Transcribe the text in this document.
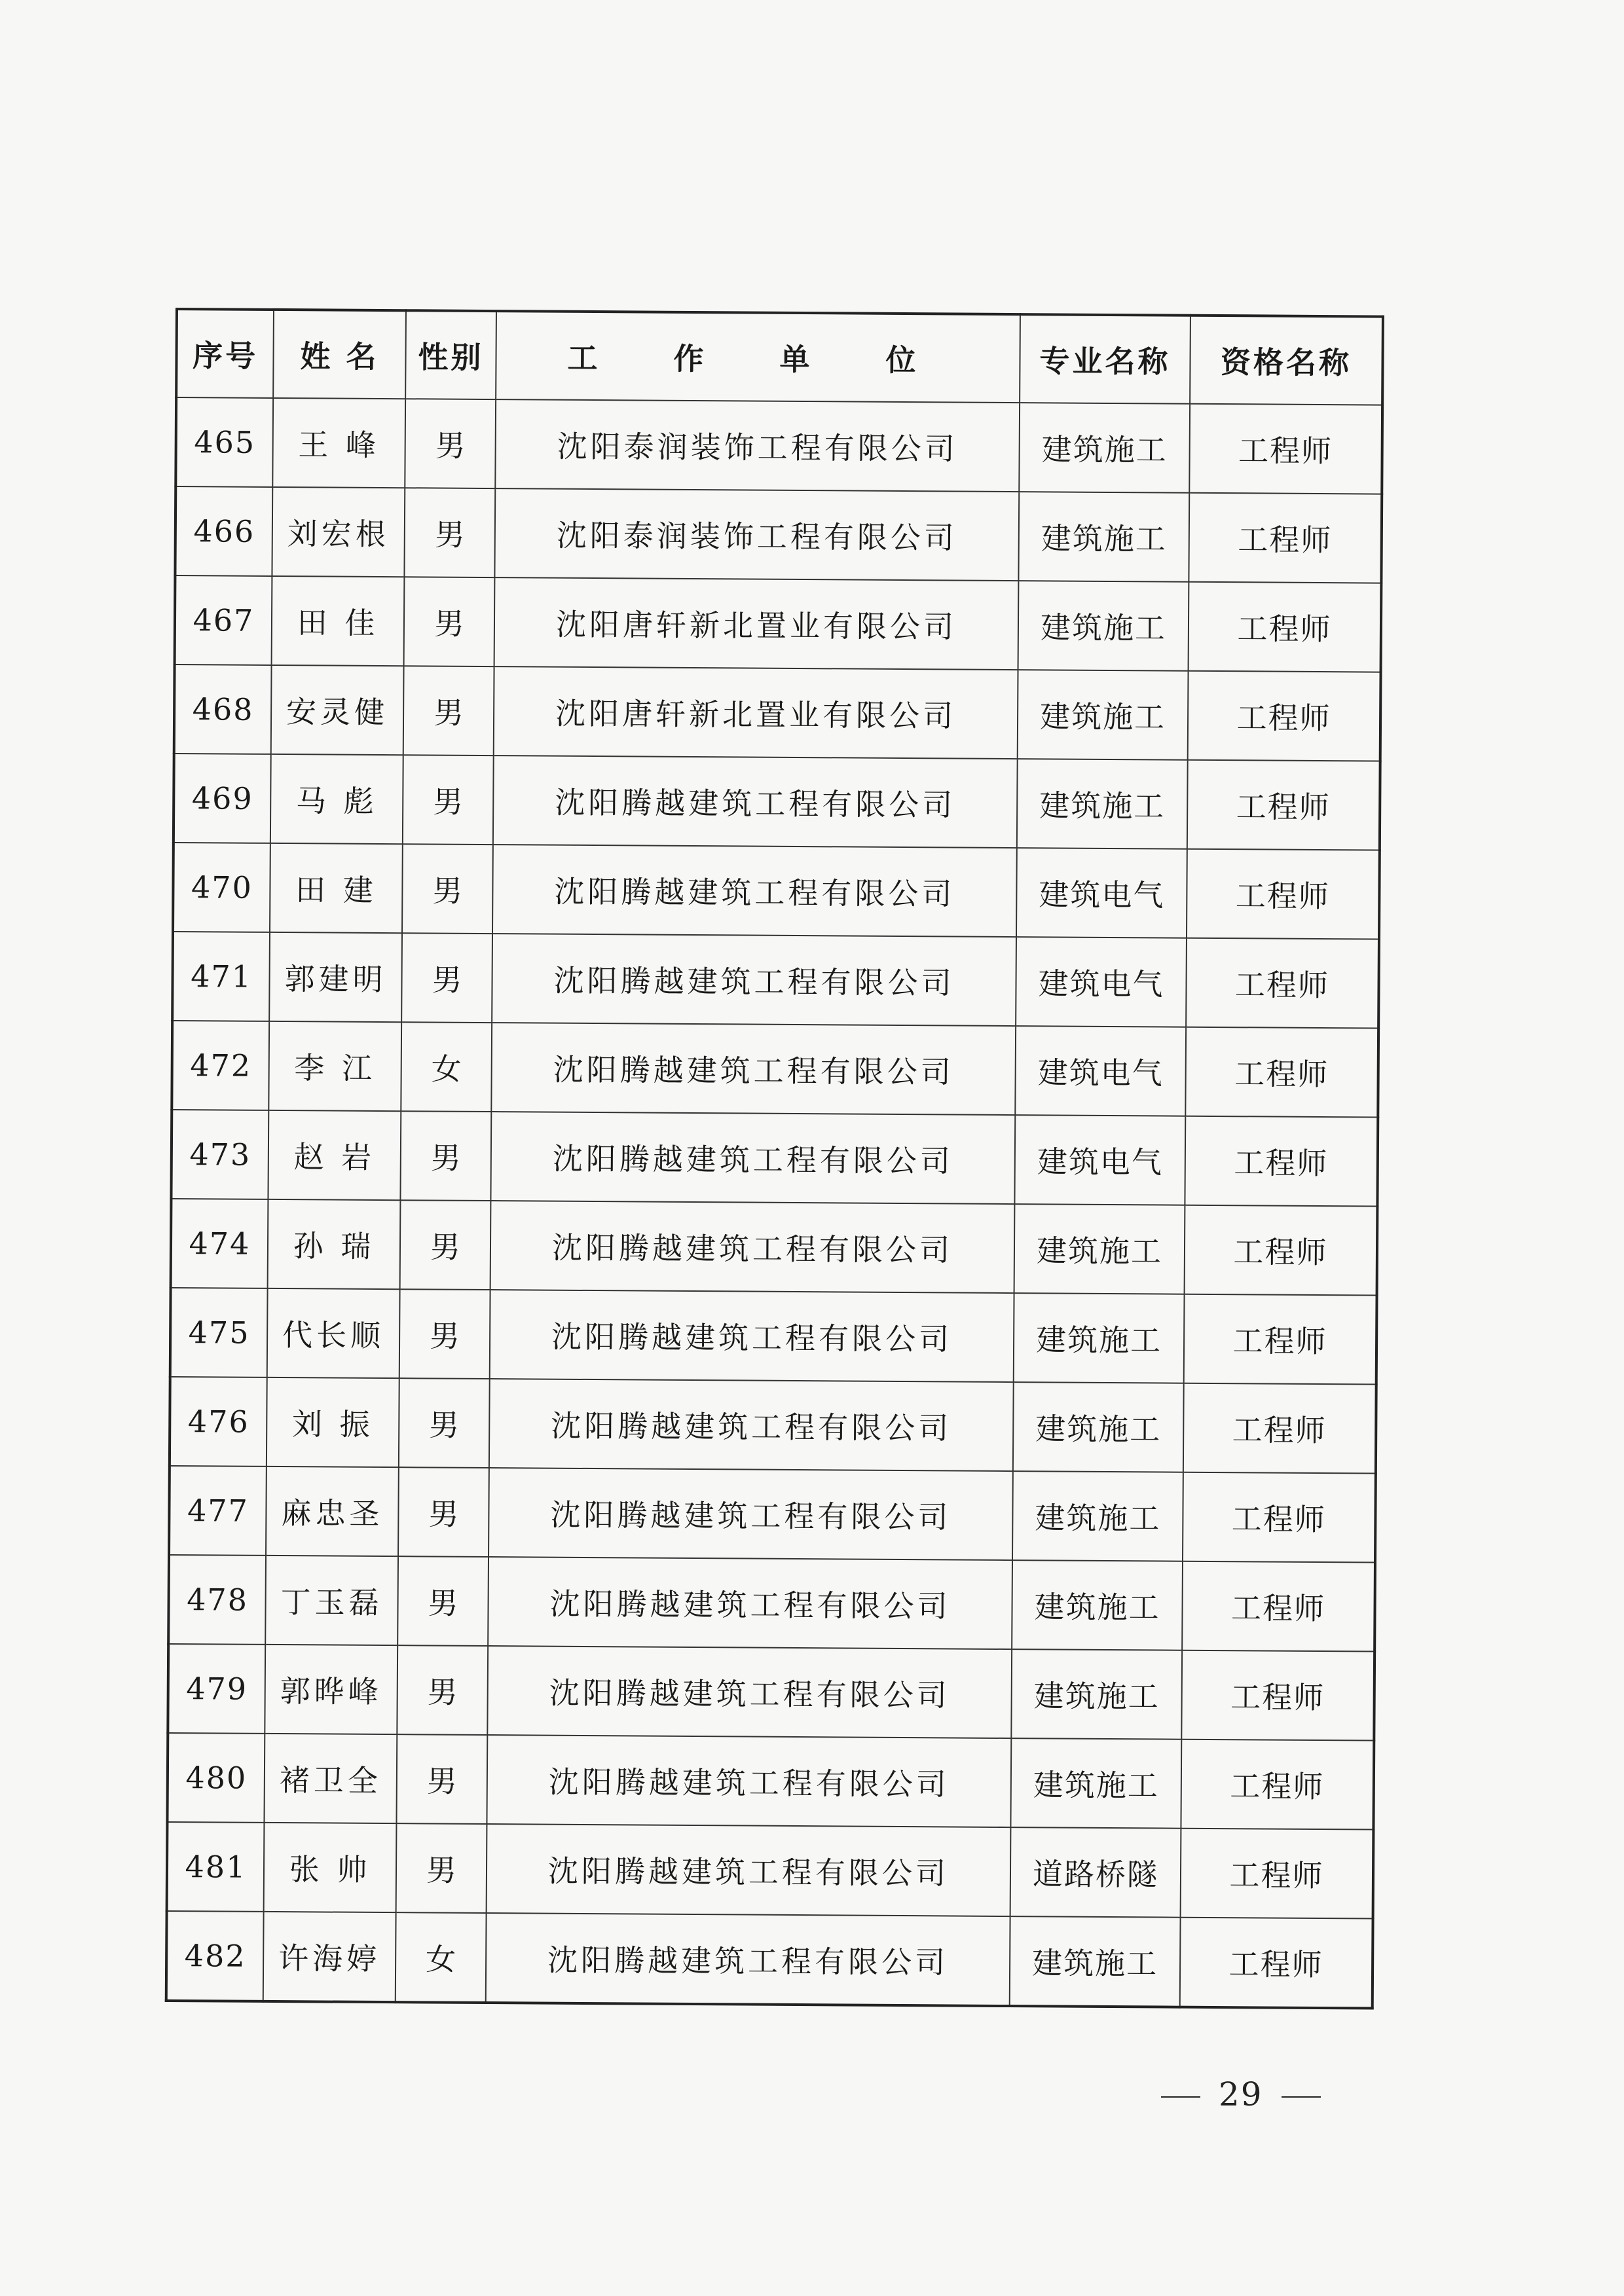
序号	姓 名	性别	工 作 单 位	专业名称	资格名称
465	王 峰	男	沈阳泰润装饰工程有限公司	建筑施工	工程师
466	刘宏根	男	沈阳泰润装饰工程有限公司	建筑施工	工程师
467	田 佳	男	沈阳唐轩新北置业有限公司	建筑施工	工程师
468	安灵健	男	沈阳唐轩新北置业有限公司	建筑施工	工程师
469	马 彪	男	沈阳腾越建筑工程有限公司	建筑施工	工程师
470	田 建	男	沈阳腾越建筑工程有限公司	建筑电气	工程师
471	郭建明	男	沈阳腾越建筑工程有限公司	建筑电气	工程师
472	李 江	女	沈阳腾越建筑工程有限公司	建筑电气	工程师
473	赵 岩	男	沈阳腾越建筑工程有限公司	建筑电气	工程师
474	孙 瑞	男	沈阳腾越建筑工程有限公司	建筑施工	工程师
475	代长顺	男	沈阳腾越建筑工程有限公司	建筑施工	工程师
476	刘 振	男	沈阳腾越建筑工程有限公司	建筑施工	工程师
477	麻忠圣	男	沈阳腾越建筑工程有限公司	建筑施工	工程师
478	丁玉磊	男	沈阳腾越建筑工程有限公司	建筑施工	工程师
479	郭晔峰	男	沈阳腾越建筑工程有限公司	建筑施工	工程师
480	褚卫全	男	沈阳腾越建筑工程有限公司	建筑施工	工程师
481	张 帅	男	沈阳腾越建筑工程有限公司	道路桥隧	工程师
482	许海婷	女	沈阳腾越建筑工程有限公司	建筑施工	工程师
29
